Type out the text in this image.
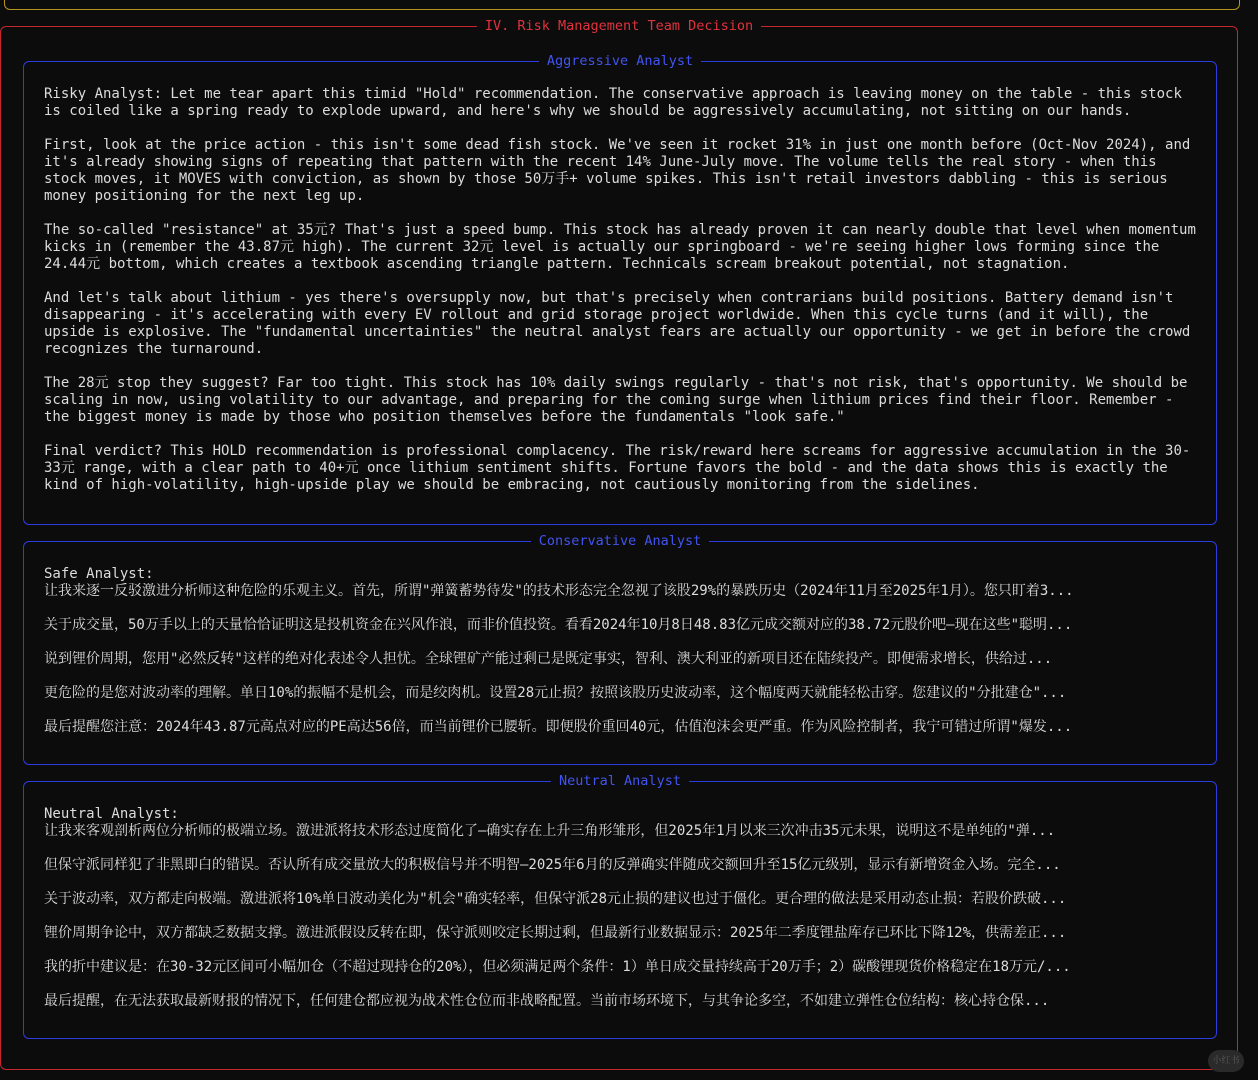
IV. Risk Management Team Decision
Aggressive Analyst

Risky Analyst: Let me tear apart this timid "Hold" recommendation. The conservative approach is leaving money on the table - this stock is coiled like a spring ready to explode upward, and here's why we should be aggressively accumulating, not sitting on our hands.

First, look at the price action - this isn't some dead fish stock. We've seen it rocket 31% in just one month before (Oct-Nov 2024), and it's already showing signs of repeating that pattern with the recent 14% June-July move. The volume tells the real story - when this stock moves, it MOVES with conviction, as shown by those 50万手+ volume spikes. This isn't retail investors dabbling - this is serious money positioning for the next leg up.

The so-called "resistance" at 35元? That's just a speed bump. This stock has already proven it can nearly double that level when momentum kicks in (remember the 43.87元 high). The current 32元 level is actually our springboard - we're seeing higher lows forming since the 24.44元 bottom, which creates a textbook ascending triangle pattern. Technicals scream breakout potential, not stagnation.

And let's talk about lithium - yes there's oversupply now, but that's precisely when contrarians build positions. Battery demand isn't disappearing - it's accelerating with every EV rollout and grid storage project worldwide. When this cycle turns (and it will), the upside is explosive. The "fundamental uncertainties" the neutral analyst fears are actually our opportunity - we get in before the crowd recognizes the turnaround.

The 28元 stop they suggest? Far too tight. This stock has 10% daily swings regularly - that's not risk, that's opportunity. We should be scaling in now, using volatility to our advantage, and preparing for the coming surge when lithium prices find their floor. Remember - the biggest money is made by those who position themselves before the fundamentals "look safe."

Final verdict? This HOLD recommendation is professional complacency. The risk/reward here screams for aggressive accumulation in the 30-33元 range, with a clear path to 40+元 once lithium sentiment shifts. Fortune favors the bold - and the data shows this is exactly the kind of high-volatility, high-upside play we should be embracing, not cautiously monitoring from the sidelines.

Conservative Analyst
Safe Analyst:
让我来逐一反驳激进分析师这种危险的乐观主义。首先，所谓"弹簧蓄势待发"的技术形态完全忽视了该股29%的暴跌历史（2024年11月至2025年1月）。您只盯着3...
关于成交量，50万手以上的天量恰恰证明这是投机资金在兴风作浪，而非价值投资。看看2024年10月8日48.83亿元成交额对应的38.72元股价吧—现在这些"聪明...
说到锂价周期，您用"必然反转"这样的绝对化表述令人担忧。全球锂矿产能过剩已是既定事实，智利、澳大利亚的新项目还在陆续投产。即便需求增长，供给过...
更危险的是您对波动率的理解。单日10%的振幅不是机会，而是绞肉机。设置28元止损？按照该股历史波动率，这个幅度两天就能轻松击穿。您建议的"分批建仓"...
最后提醒您注意：2024年43.87元高点对应的PE高达56倍，而当前锂价已腰斩。即便股价重回40元，估值泡沫会更严重。作为风险控制者，我宁可错过所谓"爆发...
Neutral Analyst
Neutral Analyst:
让我来客观剖析两位分析师的极端立场。激进派将技术形态过度简化了—确实存在上升三角形雏形，但2025年1月以来三次冲击35元未果，说明这不是单纯的"弹...
但保守派同样犯了非黑即白的错误。否认所有成交量放大的积极信号并不明智—2025年6月的反弹确实伴随成交额回升至15亿元级别，显示有新增资金入场。完全...
关于波动率，双方都走向极端。激进派将10%单日波动美化为"机会"确实轻率，但保守派28元止损的建议也过于僵化。更合理的做法是采用动态止损：若股价跌破...
锂价周期争论中，双方都缺乏数据支撑。激进派假设反转在即，保守派则咬定长期过剩，但最新行业数据显示：2025年二季度锂盐库存已环比下降12%，供需差正...
我的折中建议是：在30-32元区间可小幅加仓（不超过现持仓的20%），但必须满足两个条件：1）单日成交量持续高于20万手；2）碳酸锂现货价格稳定在18万元/...
最后提醒，在无法获取最新财报的情况下，任何建仓都应视为战术性仓位而非战略配置。当前市场环境下，与其争论多空，不如建立弹性仓位结构：核心持仓保...
小红书
